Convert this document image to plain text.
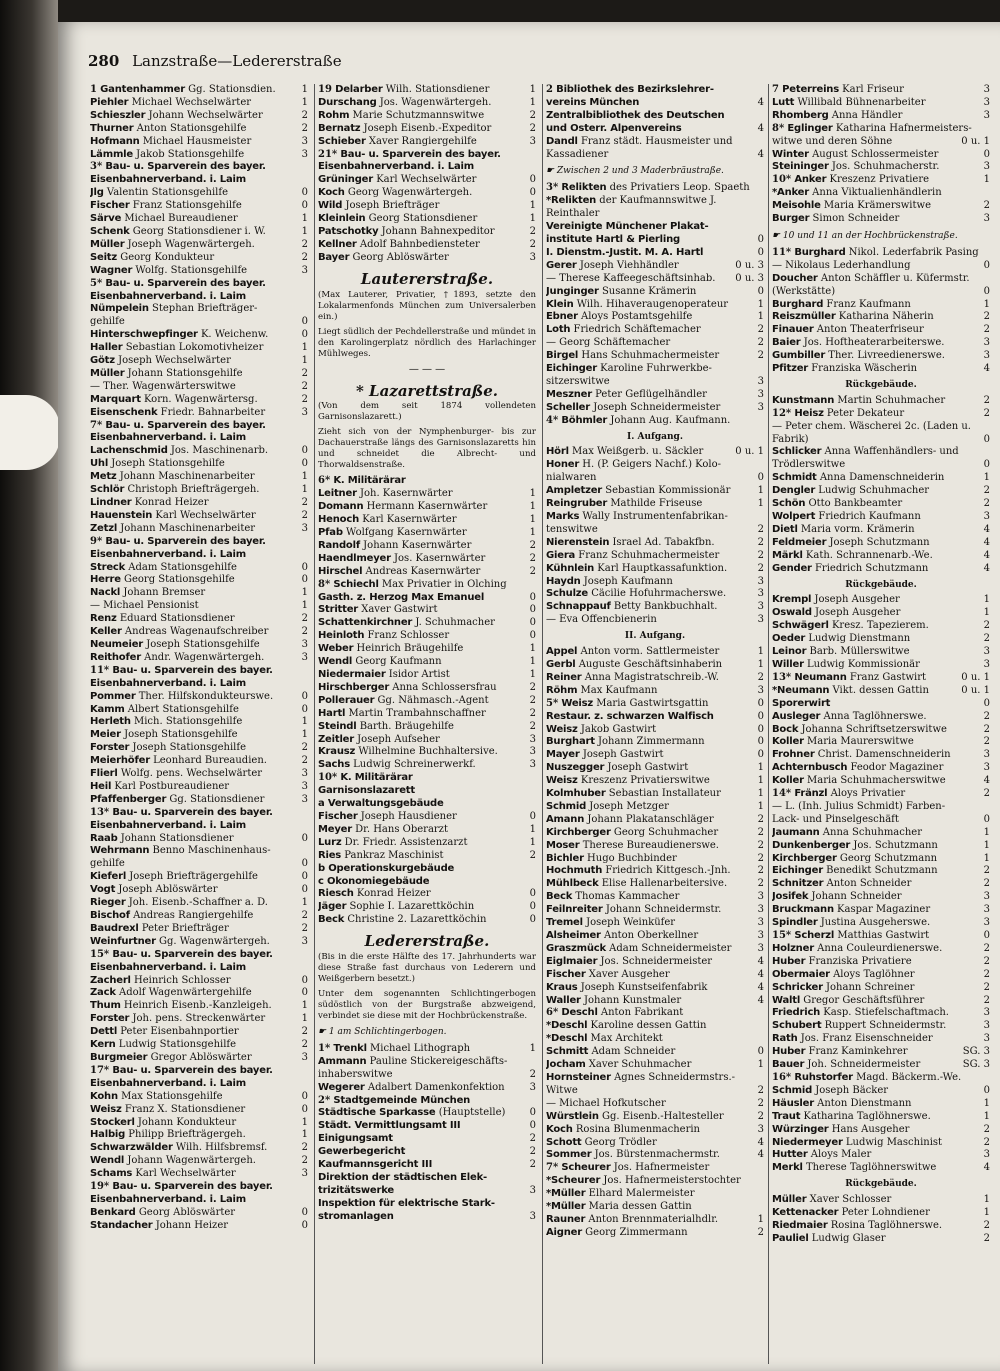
280 Lanzstraße—Ledererstraße
1 Gantenhammer Gg. Stationsdien.	1
Piehler Michael Wechselwärter	1
Schieszler Johann Wechselwärter	2
Thurner Anton Stationsgehilfe	2
Hofmann Michael Hausmeister	3
Lämmle Jakob Stationsgehilfe	3
3* Bau- u. Sparverein des bayer.
Eisenbahnerverband. i. Laim
Jlg Valentin Stationsgehilfe	0
Fischer Franz Stationsgehilfe	0
Särve Michael Bureaudiener	1
Schenk Georg Stationsdiener i. W.	1
Müller Joseph Wagenwärtergeh.	2
Seitz Georg Kondukteur	2
Wagner Wolfg. Stationsgehilfe	3
5* Bau- u. Sparverein des bayer.
Eisenbahnerverband. i. Laim
Nümpelein Stephan Briefträger-
gehilfe	0
Hinterschwepfinger K. Weichenw.	0
Haller Sebastian Lokomotivheizer	1
Götz Joseph Wechselwärter	1
Müller Johann Stationsgehilfe	2
— Ther. Wagenwärterswitwe	2
Marquart Korn. Wagenwärtersg.	2
Eisenschenk Friedr. Bahnarbeiter	3
7* Bau- u. Sparverein des bayer.
Eisenbahnerverband. i. Laim
Lachenschmid Jos. Maschinenarb.	0
Uhl Joseph Stationsgehilfe	0
Metz Johann Maschinenarbeiter	1
Schlör Christoph Briefträgergeh.	1
Lindner Konrad Heizer	2
Hauenstein Karl Wechselwärter	2
Zetzl Johann Maschinenarbeiter	3
9* Bau- u. Sparverein des bayer.
Eisenbahnerverband. i. Laim
Streck Adam Stationsgehilfe	0
Herre Georg Stationsgehilfe	0
Nackl Johann Bremser	1
— Michael Pensionist	1
Renz Eduard Stationsdiener	2
Keller Andreas Wagenaufschreiber	2
Neumeier Joseph Stationsgehilfe	3
Reithofer Andr. Wagenwärtergeh.	3
11* Bau- u. Sparverein des bayer.
Eisenbahnerverband. i. Laim
Pommer Ther. Hilfskondukteurswe.	0
Kamm Albert Stationsgehilfe	0
Herleth Mich. Stationsgehilfe	1
Meier Joseph Stationsgehilfe	1
Forster Joseph Stationsgehilfe	2
Meierhöfer Leonhard Bureaudien.	2
Flierl Wolfg. pens. Wechselwärter	3
Heil Karl Postbureaudiener	3
Pfaffenberger Gg. Stationsdiener	3
13* Bau- u. Sparverein des bayer.
Eisenbahnerverband. i. Laim
Raab Johann Stationsdiener	0
Wehrmann Benno Maschinenhaus-
gehilfe	0
Kieferl Joseph Briefträgergehilfe	0
Vogt Joseph Ablöswärter	0
Rieger Joh. Eisenb.-Schaffner a. D.	1
Bischof Andreas Rangiergehilfe	2
Baudrexl Peter Briefträger	2
Weinfurtner Gg. Wagenwärtergeh.	3
15* Bau- u. Sparverein des bayer.
Eisenbahnerverband. i. Laim
Zacherl Heinrich Schlosser	0
Zack Adolf Wagenwärtergehilfe	0
Thum Heinrich Eisenb.-Kanzleigeh.	1
Forster Joh. pens. Streckenwärter	1
Dettl Peter Eisenbahnportier	2
Kern Ludwig Stationsgehilfe	2
Burgmeier Gregor Ablöswärter	3
17* Bau- u. Sparverein des bayer.
Eisenbahnerverband. i. Laim
Kohn Max Stationsgehilfe	0
Weisz Franz X. Stationsdiener	0
Stockerl Johann Kondukteur	1
Halbig Philipp Briefträgergeh.	1
Schwarzwälder Wilh. Hilfsbremsf.	2
Wendl Johann Wagenwärtergeh.	2
Schams Karl Wechselwärter	3
19* Bau- u. Sparverein des bayer.
Eisenbahnerverband. i. Laim
Benkard Georg Ablöswärter	0
Standacher Johann Heizer	0
19 Delarber Wilh. Stationsdiener	1
Durschang Jos. Wagenwärtergeh.	1
Rohm Marie Schutzmannswitwe	2
Bernatz Joseph Eisenb.-Expeditor	2
Schieber Xaver Rangiergehilfe	3
21* Bau- u. Sparverein des bayer.
Eisenbahnerverband. i. Laim
Grüninger Karl Wechselwärter	0
Koch Georg Wagenwärtergeh.	0
Wild Joseph Briefträger	1
Kleinlein Georg Stationsdiener	1
Patschotky Johann Bahnexpeditor	2
Kellner Adolf Bahnbediensteter	2
Bayer Georg Ablöswärter	3
Lautererstraße.
(Max Lauterer, Privatier, †1893, setzte den Lokalarmenfonds München zum Universalerben ein.)
Liegt südlich der Pechdellerstraße und mündet in den Karolingerplatz nördlich des Harlachinger Mühlweges.
— — —
* Lazarettstraße.
(Von dem seit 1874 vollendeten Garnisonslazarett.)
Zieht sich von der Nymphenburger- bis zur Dachauerstraße längs des Garnisonslazaretts hin und schneidet die Albrecht- und Thorwaldsenstraße.
6* K. Militärärar
Leitner Joh. Kasernwärter	1
Domann Hermann Kasernwärter	1
Henoch Karl Kasernwärter	1
Pfab Wolfgang Kasernwärter	1
Randolf Johann Kasernwärter	2
Haendlmeyer Jos. Kasernwärter	2
Hirschel Andreas Kasernwärter	2
8* Schiechl Max Privatier in Olching
Gasth. z. Herzog Max Emanuel	0
Stritter Xaver Gastwirt	0
Schattenkirchner J. Schuhmacher	0
Heinloth Franz Schlosser	0
Weber Heinrich Bräugehilfe	1
Wendl Georg Kaufmann	1
Niedermaier Isidor Artist	1
Hirschberger Anna Schlossersfrau	2
Pollerauer Gg. Nähmasch.-Agent	2
Hartl Martin Trambahnschaffner	2
Steindl Barth. Bräugehilfe	2
Zeitler Joseph Aufseher	3
Krausz Wilhelmine Buchhaltersive.	3
Sachs Ludwig Schreinerwerkf.	3
10* K. Militärärar
Garnisonslazarett
a Verwaltungsgebäude
Fischer Joseph Hausdiener	0
Meyer Dr. Hans Oberarzt	1
Lurz Dr. Friedr. Assistenzarzt	1
Ries Pankraz Maschinist	2
b Operationskurgebäude
c Ökonomiegebäude
Riesch Konrad Heizer	0
Jäger Sophie I. Lazarettköchin	0
Beck Christine 2. Lazarettköchin	0
Ledererstraße.
(Bis in die erste Hälfte des 17. Jahrhunderts war diese Straße fast durchaus von Lederern und Weißgerbern besetzt.)
Unter dem sogenannten Schlichtingerbogen südöstlich von der Burgstraße abzweigend, verbindet sie diese mit der Hochbrückenstraße.
☛ 1 am Schlichtingerbogen.
1* Trenkl Michael Lithograph	1
Ammann Pauline Stickereigeschäfts-
inhaberswitwe	2
Wegerer Adalbert Damenkonfektion	3
2* Stadtgemeinde München
Städtische Sparkasse (Hauptstelle) 0
Städt. Vermittlungsamt III	0
Einigungsamt	2
Gewerbegericht	2
Kaufmannsgericht III	2
Direktion der städtischen Elek-
trizitätswerke	3
Inspektion für elektrische Stark-
stromanlagen	3
2 Bibliothek des Bezirkslehrer-
vereins München	4
Zentralbibliothek des Deutschen
und Österr. Alpenvereins	4
Dandl Franz städt. Hausmeister und
Kassadiener	4
☛ Zwischen 2 und 3 Maderbräustraße.
3* Relikten des Privatiers Leop. Spaeth
*Relikten der Kaufmannswitwe J.
Reinthaler
Vereinigte Münchener Plakat-
institute Hartl & Pierling	0
I. Dienstm.-Justit. M. A. Hartl	0
Gerer Joseph Viehhändler	0 u. 3
— Therese Kaffeegeschäftsinhab. 0 u. 3
Junginger Susanne Krämerin	0
Klein Wilh. Hihaveraugenoperateur	1
Ebner Aloys Postamtsgehilfe	1
Loth Friedrich Schäftemacher	2
— Georg Schäftemacher	2
Birgel Hans Schuhmachermeister	2
Eichinger Karoline Fuhrwerkbe-
sitzerswitwe	3
Meszner Peter Geflügelhändler	3
Scheller Joseph Schneidermeister	3
4* Böhmler Johann Aug. Kaufmann.
I. Aufgang.
Hörl Max Weißgerb. u. Säckler	0 u. 1
Honer H. (P. Geigers Nachf.) Kolo-
nialwaren	0
Ampletzer Sebastian Kommissionär	1
Reingruber Mathilde Friseuse	1
Marks Wally Instrumentenfabrikan-
tenswitwe	2
Nierenstein Israel Ad. Tabakfbn.	2
Giera Franz Schuhmachermeister	2
Kühnlein Karl Hauptkassafunktion.	2
Haydn Joseph Kaufmann	3
Schulze Cäcilie Hofuhrmacherswe.	3
Schnappauf Betty Bankbuchhalt.	3
— Eva Offencbienerin	3
II. Aufgang.
Appel Anton vorm. Sattlermeister	1
Gerbl Auguste Geschäftsinhaberin	1
Reiner Anna Magistratschreib.-W.	2
Röhm Max Kaufmann	3
5* Weisz Maria Gastwirtsgattin	0
Restaur. z. schwarzen Walfisch	0
Weisz Jakob Gastwirt	0
Burghart Johann Zimmermann	0
Mayer Joseph Gastwirt	0
Nuszegger Joseph Gastwirt	1
Weisz Kreszenz Privatierswitwe	1
Kolmhuber Sebastian Installateur	1
Schmid Joseph Metzger	1
Amann Johann Plakatanschläger	2
Kirchberger Georg Schuhmacher	2
Moser Therese Bureaudienerswe.	2
Bichler Hugo Buchbinder	2
Hochmuth Friedrich Kittgesch.-Jnh.	2
Mühlbeck Elise Hallenarbeitersive.	2
Beck Thomas Kammacher	3
Feilnreiter Johann Schneidermstr.	3
Tremel Joseph Weinküfer	3
Alsheimer Anton Oberkellner	3
Graszmück Adam Schneidermeister	3
Eiglmaier Jos. Schneidermeister	4
Fischer Xaver Ausgeher	4
Kraus Joseph Kunstseifenfabrik	4
Waller Johann Kunstmaler	4
6* Deschl Anton Fabrikant
*Deschl Karoline dessen Gattin
*Deschl Max Architekt
Schmitt Adam Schneider	0
Jocham Xaver Schuhmacher	1
Hornsteiner Agnes Schneidermstrs.-
Witwe	2
— Michael Hofkutscher	2
Würstlein Gg. Eisenb.-Haltesteller	2
Koch Rosina Blumenmacherin	3
Schott Georg Trödler	4
Sommer Jos. Bürstenmachermstr.	4
7* Scheurer Jos. Hafnermeister
*Scheurer Jos. Hafnermeisterstochter
*Müller Elhard Malermeister
*Müller Maria dessen Gattin
Rauner Anton Brennmaterialhdlr.	1
Aigner Georg Zimmermann	2
7 Peterreins Karl Friseur	3
Lutt Willibald Bühnenarbeiter	3
Rhomberg Anna Händler	3
8* Eglinger Katharina Hafnermeisters-
witwe und deren Söhne	0 u. 1
Winter August Schlossermeister	0
Steininger Jos. Schuhmacherstr.	3
10* Anker Kreszenz Privatiere	1
*Anker Anna Viktualienhändlerin
Meisohle Maria Krämerswitwe	2
Burger Simon Schneider	3
☛ 10 und 11 an der Hochbrückenstraße.
11* Burghard Nikol. Lederfabrik Pasing
— Nikolaus Lederhandlung	0
Doucher Anton Schäffler u. Küfermstr.
(Werkstätte)	0
Burghard Franz Kaufmann	1
Reiszmüller Katharina Näherin	2
Finauer Anton Theaterfriseur	2
Baier Jos. Hoftheaterarbeiterswe.	3
Gumbiller Ther. Livreedienerswe.	3
Pfitzer Franziska Wäscherin	4
Rückgebäude.
Kunstmann Martin Schuhmacher	2
12* Heisz Peter Dekateur	2
— Peter chem. Wäscherei 2c. (Laden u.
Fabrik)	0
Schlicker Anna Waffenhändlers- und
Trödlerswitwe	0
Schmidt Anna Damenschneiderin	1
Dengler Ludwig Schuhmacher	2
Schön Otto Bankbeamter	2
Wolpert Friedrich Kaufmann	3
Dietl Maria vorm. Krämerin	4
Feldmeier Joseph Schutzmann	4
Märkl Kath. Schrannenarb.-We.	4
Gender Friedrich Schutzmann	4
Rückgebäude.
Krempl Joseph Ausgeher	1
Oswald Joseph Ausgeher	1
Schwägerl Kresz. Tapezierem.	2
Oeder Ludwig Dienstmann	2
Leinor Barb. Müllerswitwe	3
Willer Ludwig Kommissionär	3
13* Neumann Franz Gastwirt	0 u. 1
*Neumann Vikt. dessen Gattin	0 u. 1
Sporerwirt	0
Ausleger Anna Taglöhnerswe.	2
Bock Johanna Schriftsetzerswitwe	2
Koller Maria Maurerswitwe	2
Frohner Christ. Damenschneiderin	3
Achternbusch Feodor Magaziner	3
Koller Maria Schuhmacherswitwe	4
14* Fränzl Aloys Privatier	2
— L. (Inh. Julius Schmidt) Farben-
Lack- und Pinselgeschäft	0
Jaumann Anna Schuhmacher	1
Dunkenberger Jos. Schutzmann	1
Kirchberger Georg Schutzmann	1
Eichinger Benedikt Schutzmann	2
Schnitzer Anton Schneider	2
Josifek Johann Schneider	3
Bruckmann Kaspar Magaziner	3
Spindler Justina Ausgeherswe.	3
15* Scherzl Matthias Gastwirt	0
Holzner Anna Couleurdienerswe.	2
Huber Franziska Privatiere	2
Obermaier Aloys Taglöhner	2
Schricker Johann Schreiner	2
Waltl Gregor Geschäftsführer	2
Friedrich Kasp. Stiefelschaftmach.	3
Schubert Ruppert Schneidermstr.	3
Rath Jos. Franz Eisenschneider	3
Huber Franz Kaminkehrer	SG. 3
Bauer Joh. Schneidermeister	SG. 3
16* Ruhstorfer Magd. Bäckerm.-We.
Schmid Joseph Bäcker	0
Häusler Anton Dienstmann	1
Traut Katharina Taglöhnerswe.	1
Würzinger Hans Ausgeher	2
Niedermeyer Ludwig Maschinist	2
Hutter Aloys Maler	3
Merkl Therese Taglöhnerswitwe	4
Rückgebäude.
Müller Xaver Schlosser	1
Kettenacker Peter Lohndiener	1
Riedmaier Rosina Taglöhnerswe.	2
Pauliel Ludwig Glaser	2
